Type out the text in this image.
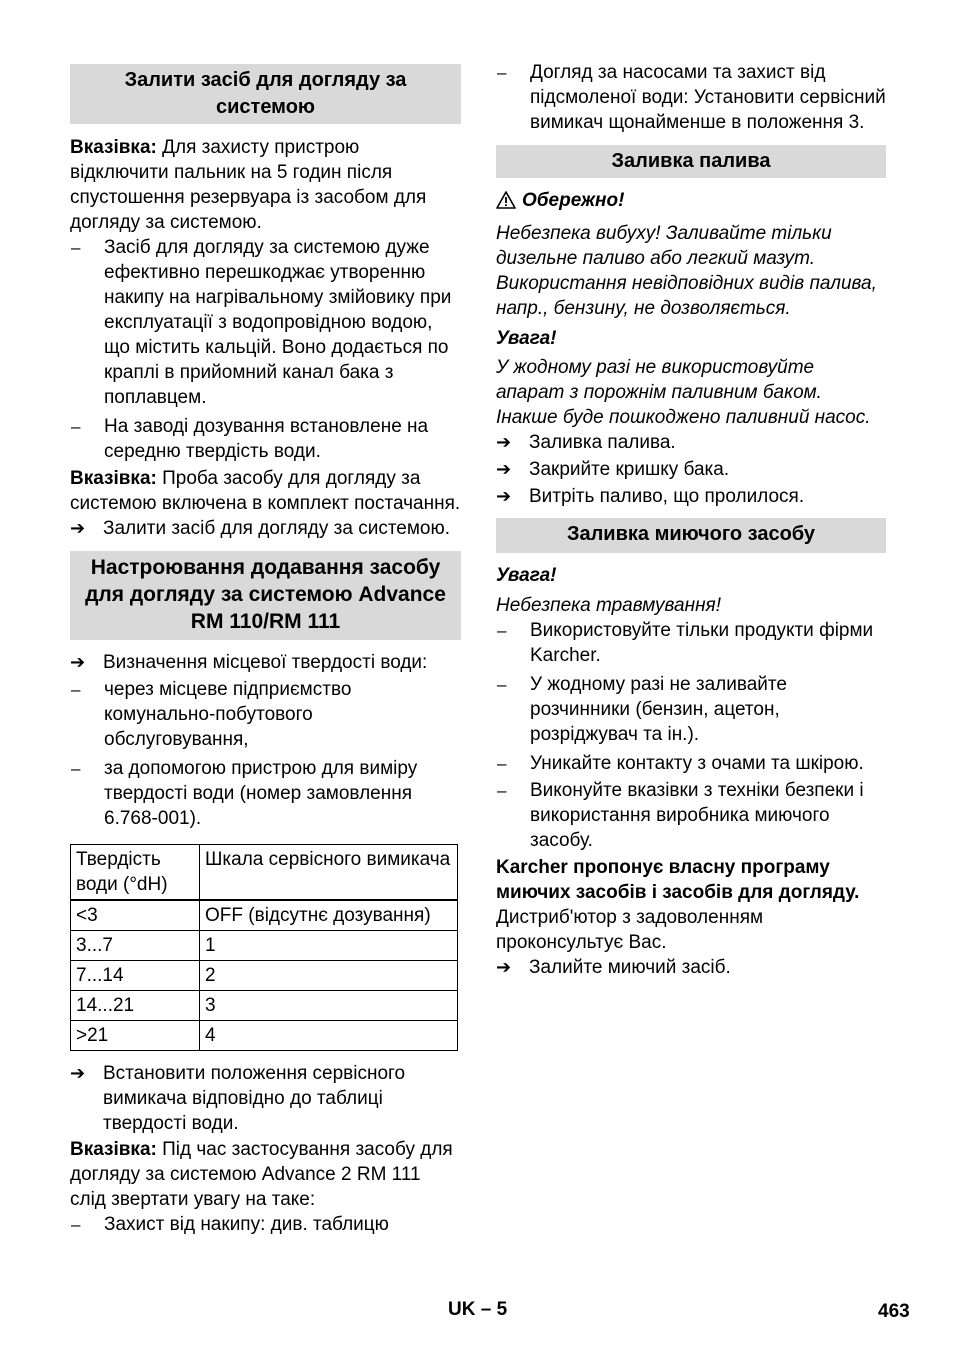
Залити засіб для догляду за системою

Вказівка: Для захисту пристрою відключити пальник на 5 годин після спустошення резервуара із засобом для догляду за системою.

–	Засіб для догляду за системою дуже ефективно перешкоджає утворенню накипу на нагрівальному змійовику при експлуатації з водопровідною водою, що містить кальцій. Воно додається по краплі в прийомний канал бака з поплавцем.
–	На заводі дозування встановлене на середню твердість води.

Вказівка: Проба засобу для догляду за системою включена в комплект постачання.

➔ Залити засіб для догляду за системою.
Настроювання додавання засобу для догляду за системою Advance RM 110/RM 111
➔ Визначення місцевої твердості води:
–	через місцеве підприємство комунально-побутового обслуговування,
–	за допомогою пристрою для виміру твердості води (номер замовлення 6.768-001).
Твердість води (°dH)	Шкала сервісного вимикача
<3	OFF (відсутнє дозування)
3...7	1
7...14	2
14...21	3
>21	4
➔ Встановити положення сервісного вимикача відповідно до таблиці твердості води.

Вказівка: Під час застосування засобу для догляду за системою Advance 2 RM 111 слід звертати увагу на таке:

–	Захист від накипу: див. таблицю
–	Догляд за насосами та захист від підсмоленої води: Установити сервісний вимикач щонайменше в положення 3.
Заливка палива

Обережно!

Небезпека вибуху! Заливайте тільки дизельне паливо або легкий мазут. Використання невідповідних видів палива, напр., бензину, не дозволяється.

Увага!

У жодному разі не використовуйте апарат з порожнім паливним баком. Інакше буде пошкоджено паливний насос.

➔ Заливка палива.
➔ Закрийте кришку бака.
➔ Витріть паливо, що пролилося.
Заливка миючого засобу

Увага!

Небезпека травмування!

–	Використовуйте тільки продукти фірми Karcher.
–	У жодному разі не заливайте розчинники (бензин, ацетон, розріджувач та ін.).
–	Уникайте контакту з очами та шкірою.
–	Виконуйте вказівки з техніки безпеки і використання виробника миючого засобу.

Karcher пропонує власну програму миючих засобів і засобів для догляду.

Дистриб'ютор з задоволенням проконсультує Вас.

➔ Залийте миючий засіб.
UK – 5	463
